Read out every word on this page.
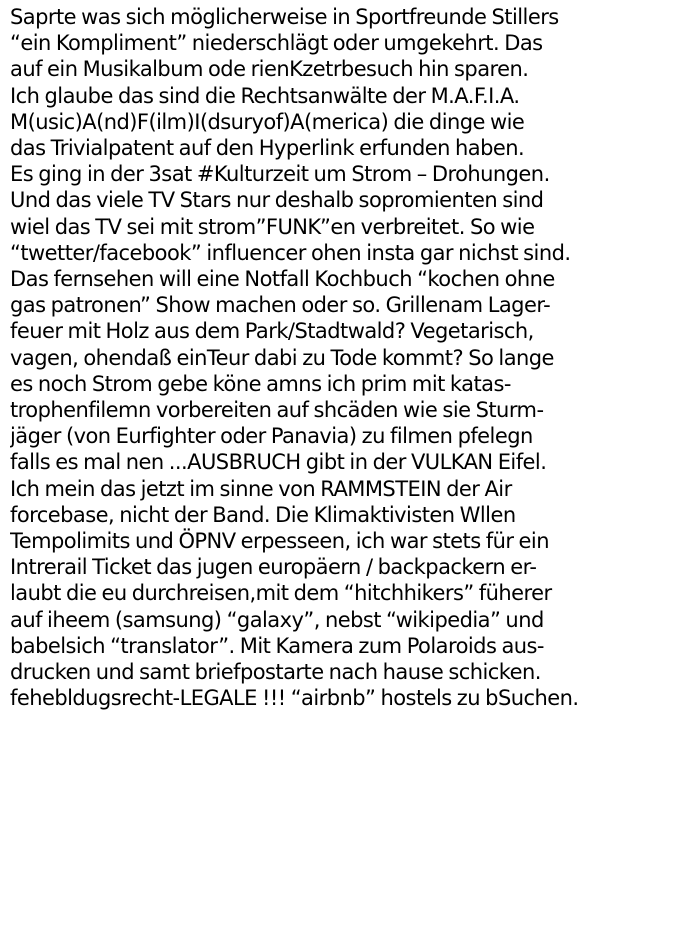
Saprte was sich möglicherweise in Sportfreunde Stillers
“ein Kompliment” niederschlägt oder umgekehrt. Das
auf ein Musikalbum ode rienKzetrbesuch hin sparen.
Ich glaube das sind die Rechtsanwälte der M.A.F.I.A.
M(usic)A(nd)F(ilm)I(dsuryof)A(merica) die dinge wie
das Trivialpatent auf den Hyperlink erfunden haben.
Es ging in der 3sat #Kulturzeit um Strom – Drohungen.
Und das viele TV Stars nur deshalb sopromienten sind
wiel das TV sei mit strom”FUNK”en verbreitet. So wie
“twetter/facebook” influencer ohen insta gar nichst sind.
Das fernsehen will eine Notfall Kochbuch “kochen ohne
gas patronen” Show machen oder so. Grillenam Lager-
feuer mit Holz aus dem Park/Stadtwald? Vegetarisch,
vagen, ohendaß einTeur dabi zu Tode kommt? So lange
es noch Strom gebe köne amns ich prim mit katas-
trophenfilemn vorbereiten auf shcäden wie sie Sturm-
jäger (von Eurfighter oder Panavia) zu filmen pfelegn
falls es mal nen ...AUSBRUCH gibt in der VULKAN Eifel.
Ich mein das jetzt im sinne von RAMMSTEIN der Air
forcebase, nicht der Band. Die Klimaktivisten Wllen
Tempolimits und ÖPNV erpesseen, ich war stets für ein
Intrerail Ticket das jugen europäern / backpackern er-
laubt die eu durchreisen,mit dem “hitchhikers” füherer
auf iheem (samsung) “galaxy”, nebst “wikipedia” und
babelsich “translator”. Mit Kamera zum Polaroids aus-
drucken und samt briefpostarte nach hause schicken.
fehebldugsrecht-LEGALE !!! “airbnb” hostels zu bSuchen.
